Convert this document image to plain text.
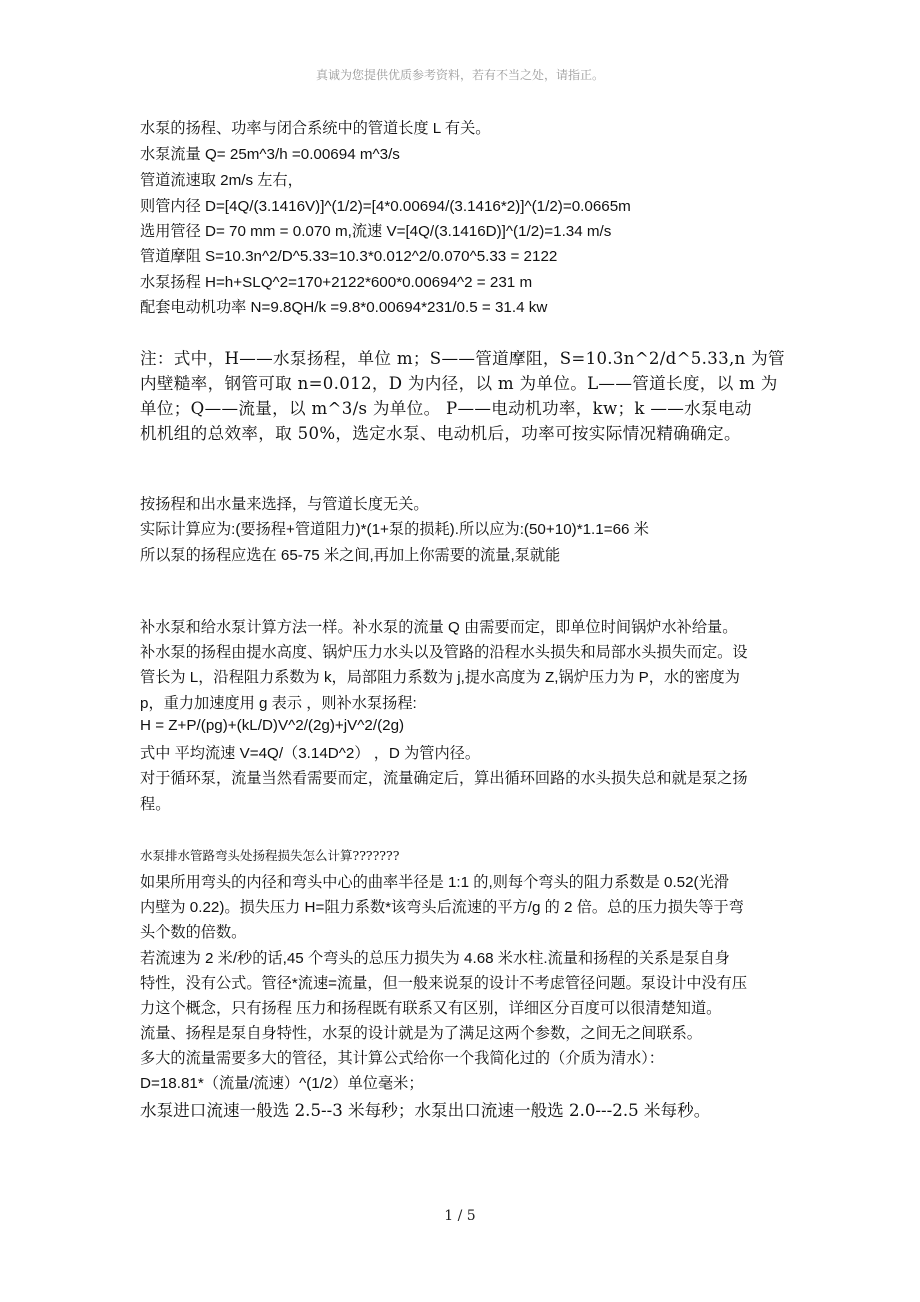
真诚为您提供优质参考资料，若有不当之处，请指正。
水泵的扬程、功率与闭合系统中的管道长度 L 有关。
水泵流量 Q= 25m^3/h =0.00694 m^3/s
管道流速取 2m/s 左右，
则管内径 D=[4Q/(3.1416V)]^(1/2)=[4*0.00694/(3.1416*2)]^(1/2)=0.0665m
选用管径 D= 70 mm = 0.070 m,流速 V=[4Q/(3.1416D)]^(1/2)=1.34 m/s
管道摩阻 S=10.3n^2/D^5.33=10.3*0.012^2/0.070^5.33 = 2122
水泵扬程 H=h+SLQ^2=170+2122*600*0.00694^2 = 231 m
配套电动机功率 N=9.8QH/k =9.8*0.00694*231/0.5 = 31.4 kw
注：式中，H——水泵扬程，单位 m；S——管道摩阻，S=10.3n^2/d^5.33,n 为管
内壁糙率，钢管可取 n=0.012，D 为内径，以 m 为单位。L——管道长度，以 m 为
单位；Q——流量，以 m^3/s 为单位。 P——电动机功率，kw；k ——水泵电动
机机组的总效率，取 50%，选定水泵、电动机后，功率可按实际情况精确确定。
按扬程和出水量来选择，与管道长度无关。
实际计算应为:(要扬程+管道阻力)*(1+泵的损耗).所以应为:(50+10)*1.1=66 米
所以泵的扬程应选在 65-75 米之间,再加上你需要的流量,泵就能
补水泵和给水泵计算方法一样。补水泵的流量 Q 由需要而定，即单位时间锅炉水补给量。
补水泵的扬程由提水高度、锅炉压力水头以及管路的沿程水头损失和局部水头损失而定。设
管长为 L，沿程阻力系数为 k，局部阻力系数为 j,提水高度为 Z,锅炉压力为 P，水的密度为
p，重力加速度用 g 表示 ，则补水泵扬程:
H = Z+P/(pg)+(kL/D)V^2/(2g)+jV^2/(2g)
式中 平均流速 V=4Q/（3.14D^2） ，D 为管内径。
对于循环泵，流量当然看需要而定，流量确定后，算出循环回路的水头损失总和就是泵之扬
程。
水泵排水管路弯头处扬程损失怎么计算???????
如果所用弯头的内径和弯头中心的曲率半径是 1:1 的,则每个弯头的阻力系数是 0.52(光滑
内壁为 0.22)。损失压力 H=阻力系数*该弯头后流速的平方/g 的 2 倍。总的压力损失等于弯
头个数的倍数。
若流速为 2 米/秒的话,45 个弯头的总压力损失为 4.68 米水柱.流量和扬程的关系是泵自身
特性，没有公式。管径*流速=流量，但一般来说泵的设计不考虑管径问题。泵设计中没有压
力这个概念，只有扬程 压力和扬程既有联系又有区别，详细区分百度可以很清楚知道。
流量、扬程是泵自身特性，水泵的设计就是为了满足这两个参数，之间无之间联系。
多大的流量需要多大的管径，其计算公式给你一个我简化过的（介质为清水）：
D=18.81*（流量/流速）^(1/2）单位毫米；
水泵进口流速一般选 2.5--3 米每秒；水泵出口流速一般选 2.0---2.5 米每秒。
1 / 5
